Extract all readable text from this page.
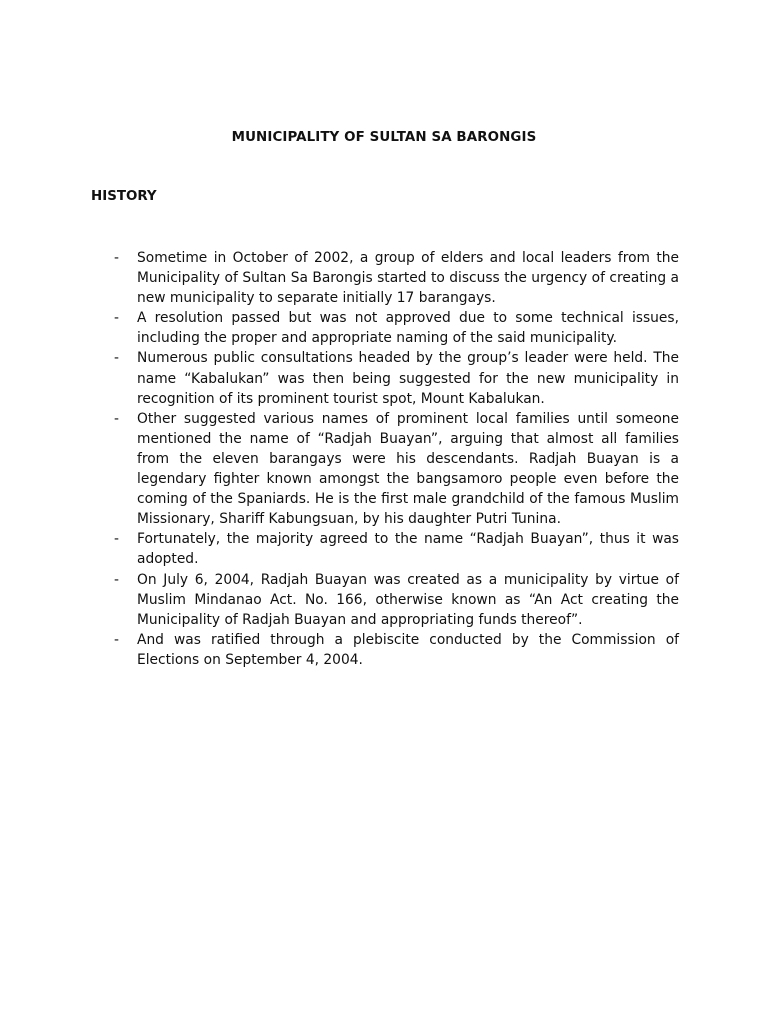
MUNICIPALITY OF SULTAN SA BARONGIS
HISTORY
- Sometime in October of 2002, a group of elders and local leaders from the Municipality of Sultan Sa Barongis started to discuss the urgency of creating a new municipality to separate initially 17 barangays.
- A resolution passed but was not approved due to some technical issues, including the proper and appropriate naming of the said municipality.
- Numerous public consultations headed by the group’s leader were held. The name “Kabalukan” was then being suggested for the new municipality in recognition of its prominent tourist spot, Mount Kabalukan.
- Other suggested various names of prominent local families until someone mentioned the name of “Radjah Buayan”, arguing that almost all families from the eleven barangays were his descendants. Radjah Buayan is a legendary fighter known amongst the bangsamoro people even before the coming of the Spaniards. He is the first male grandchild of the famous Muslim Missionary, Shariff Kabungsuan, by his daughter Putri Tunina.
- Fortunately, the majority agreed to the name “Radjah Buayan”, thus it was adopted.
- On July 6, 2004, Radjah Buayan was created as a municipality by virtue of Muslim Mindanao Act. No. 166, otherwise known as “An Act creating the Municipality of Radjah Buayan and appropriating funds thereof”.
- And was ratified through a plebiscite conducted by the Commission of Elections on September 4, 2004.
